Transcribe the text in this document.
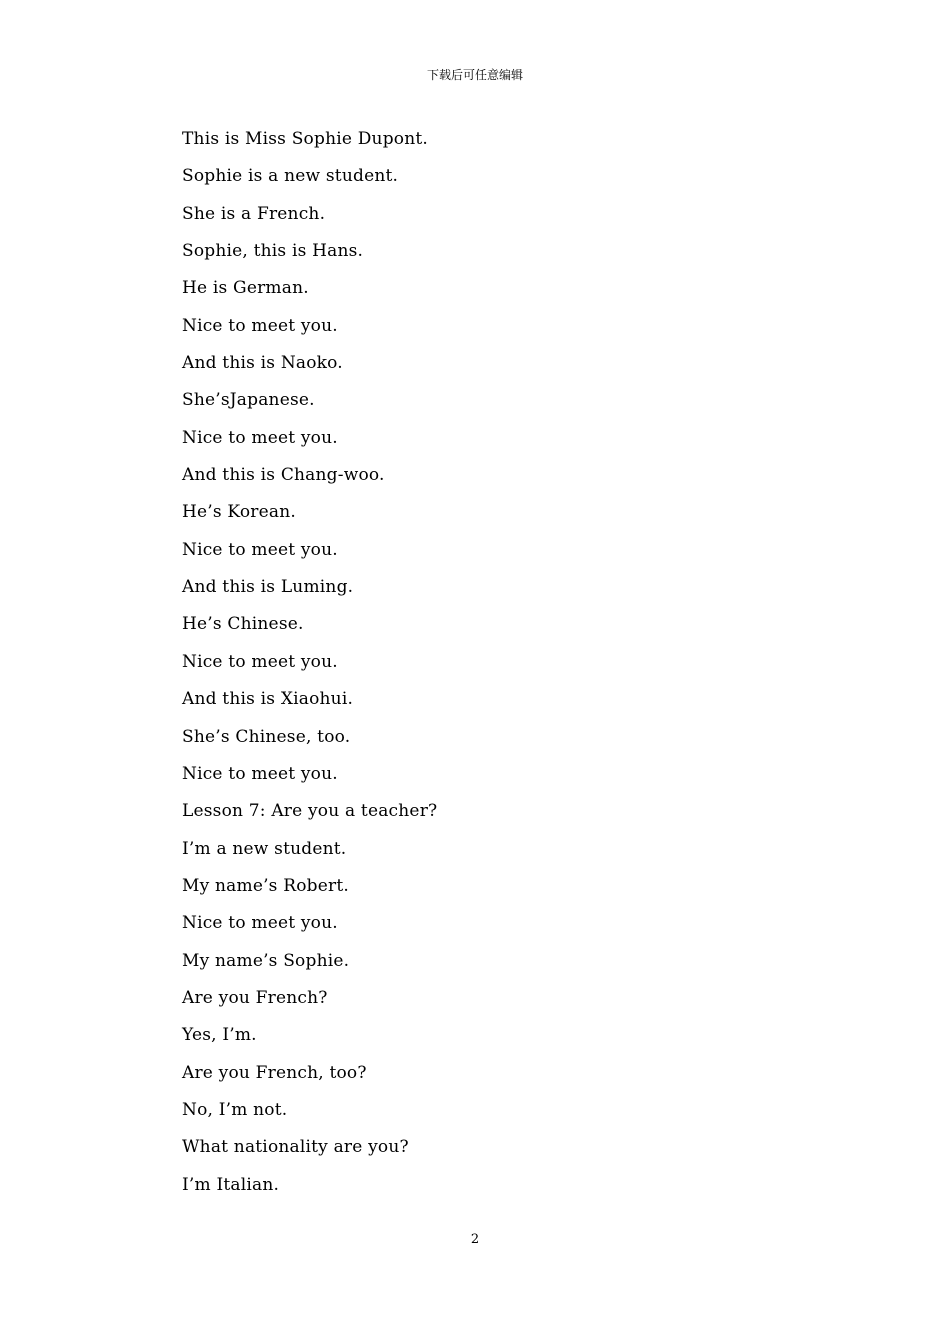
下载后可任意编辑
This is Miss Sophie Dupont.
Sophie is a new student.
She is a French.
Sophie, this is Hans.
He is German.
Nice to meet you.
And this is Naoko.
She’sJapanese.
Nice to meet you.
And this is Chang-woo.
He’s Korean.
Nice to meet you.
And this is Luming.
He’s Chinese.
Nice to meet you.
And this is Xiaohui.
She’s Chinese, too.
Nice to meet you.
Lesson 7: Are you a teacher?
I’m a new student.
My name’s Robert.
Nice to meet you.
My name’s Sophie.
Are you French?
Yes, I’m.
Are you French, too?
No, I’m not.
What nationality are you?
I’m Italian.
2
